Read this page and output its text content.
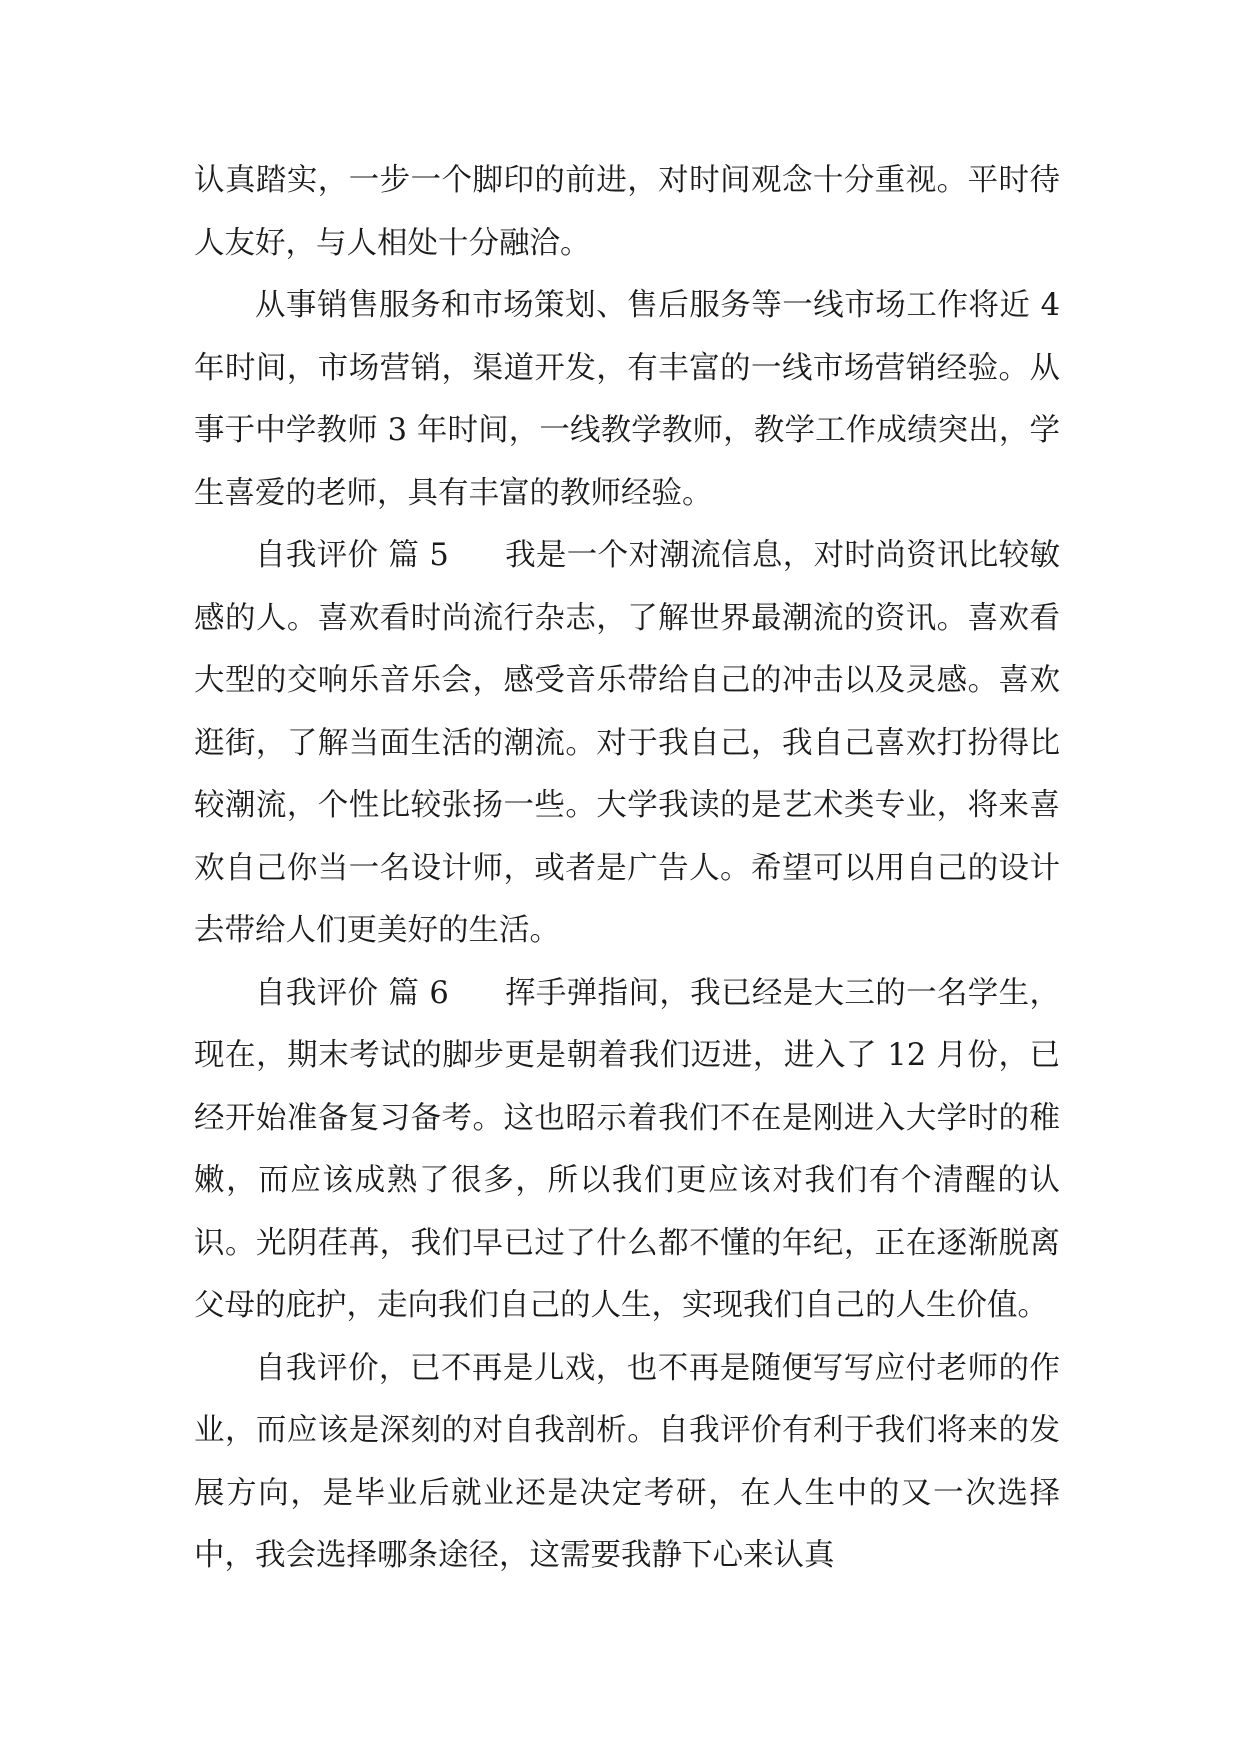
认真踏实，一步一个脚印的前进，对时间观念十分重视。平时待人友好，与人相处十分融洽。

从事销售服务和市场策划、售后服务等一线市场工作将近 4 年时间，市场营销，渠道开发，有丰富的一线市场营销经验。从事于中学教师 3 年时间，一线教学教师，教学工作成绩突出，学生喜爱的老师，具有丰富的教师经验。

自我评价 篇 5 我是一个对潮流信息，对时尚资讯比较敏感的人。喜欢看时尚流行杂志，了解世界最潮流的资讯。喜欢看大型的交响乐音乐会，感受音乐带给自己的冲击以及灵感。喜欢逛街，了解当面生活的潮流。对于我自己，我自己喜欢打扮得比较潮流，个性比较张扬一些。大学我读的是艺术类专业，将来喜欢自己你当一名设计师，或者是广告人。希望可以用自己的设计去带给人们更美好的生活。

自我评价 篇 6 挥手弹指间，我已经是大三的一名学生，现在，期末考试的脚步更是朝着我们迈进，进入了 12 月份，已经开始准备复习备考。这也昭示着我们不在是刚进入大学时的稚嫩，而应该成熟了很多，所以我们更应该对我们有个清醒的认识。光阴荏苒，我们早已过了什么都不懂的年纪，正在逐渐脱离父母的庇护，走向我们自己的人生，实现我们自己的人生价值。

自我评价，已不再是儿戏，也不再是随便写写应付老师的作业，而应该是深刻的对自我剖析。自我评价有利于我们将来的发展方向，是毕业后就业还是决定考研，在人生中的又一次选择中，我会选择哪条途径，这需要我静下心来认真
